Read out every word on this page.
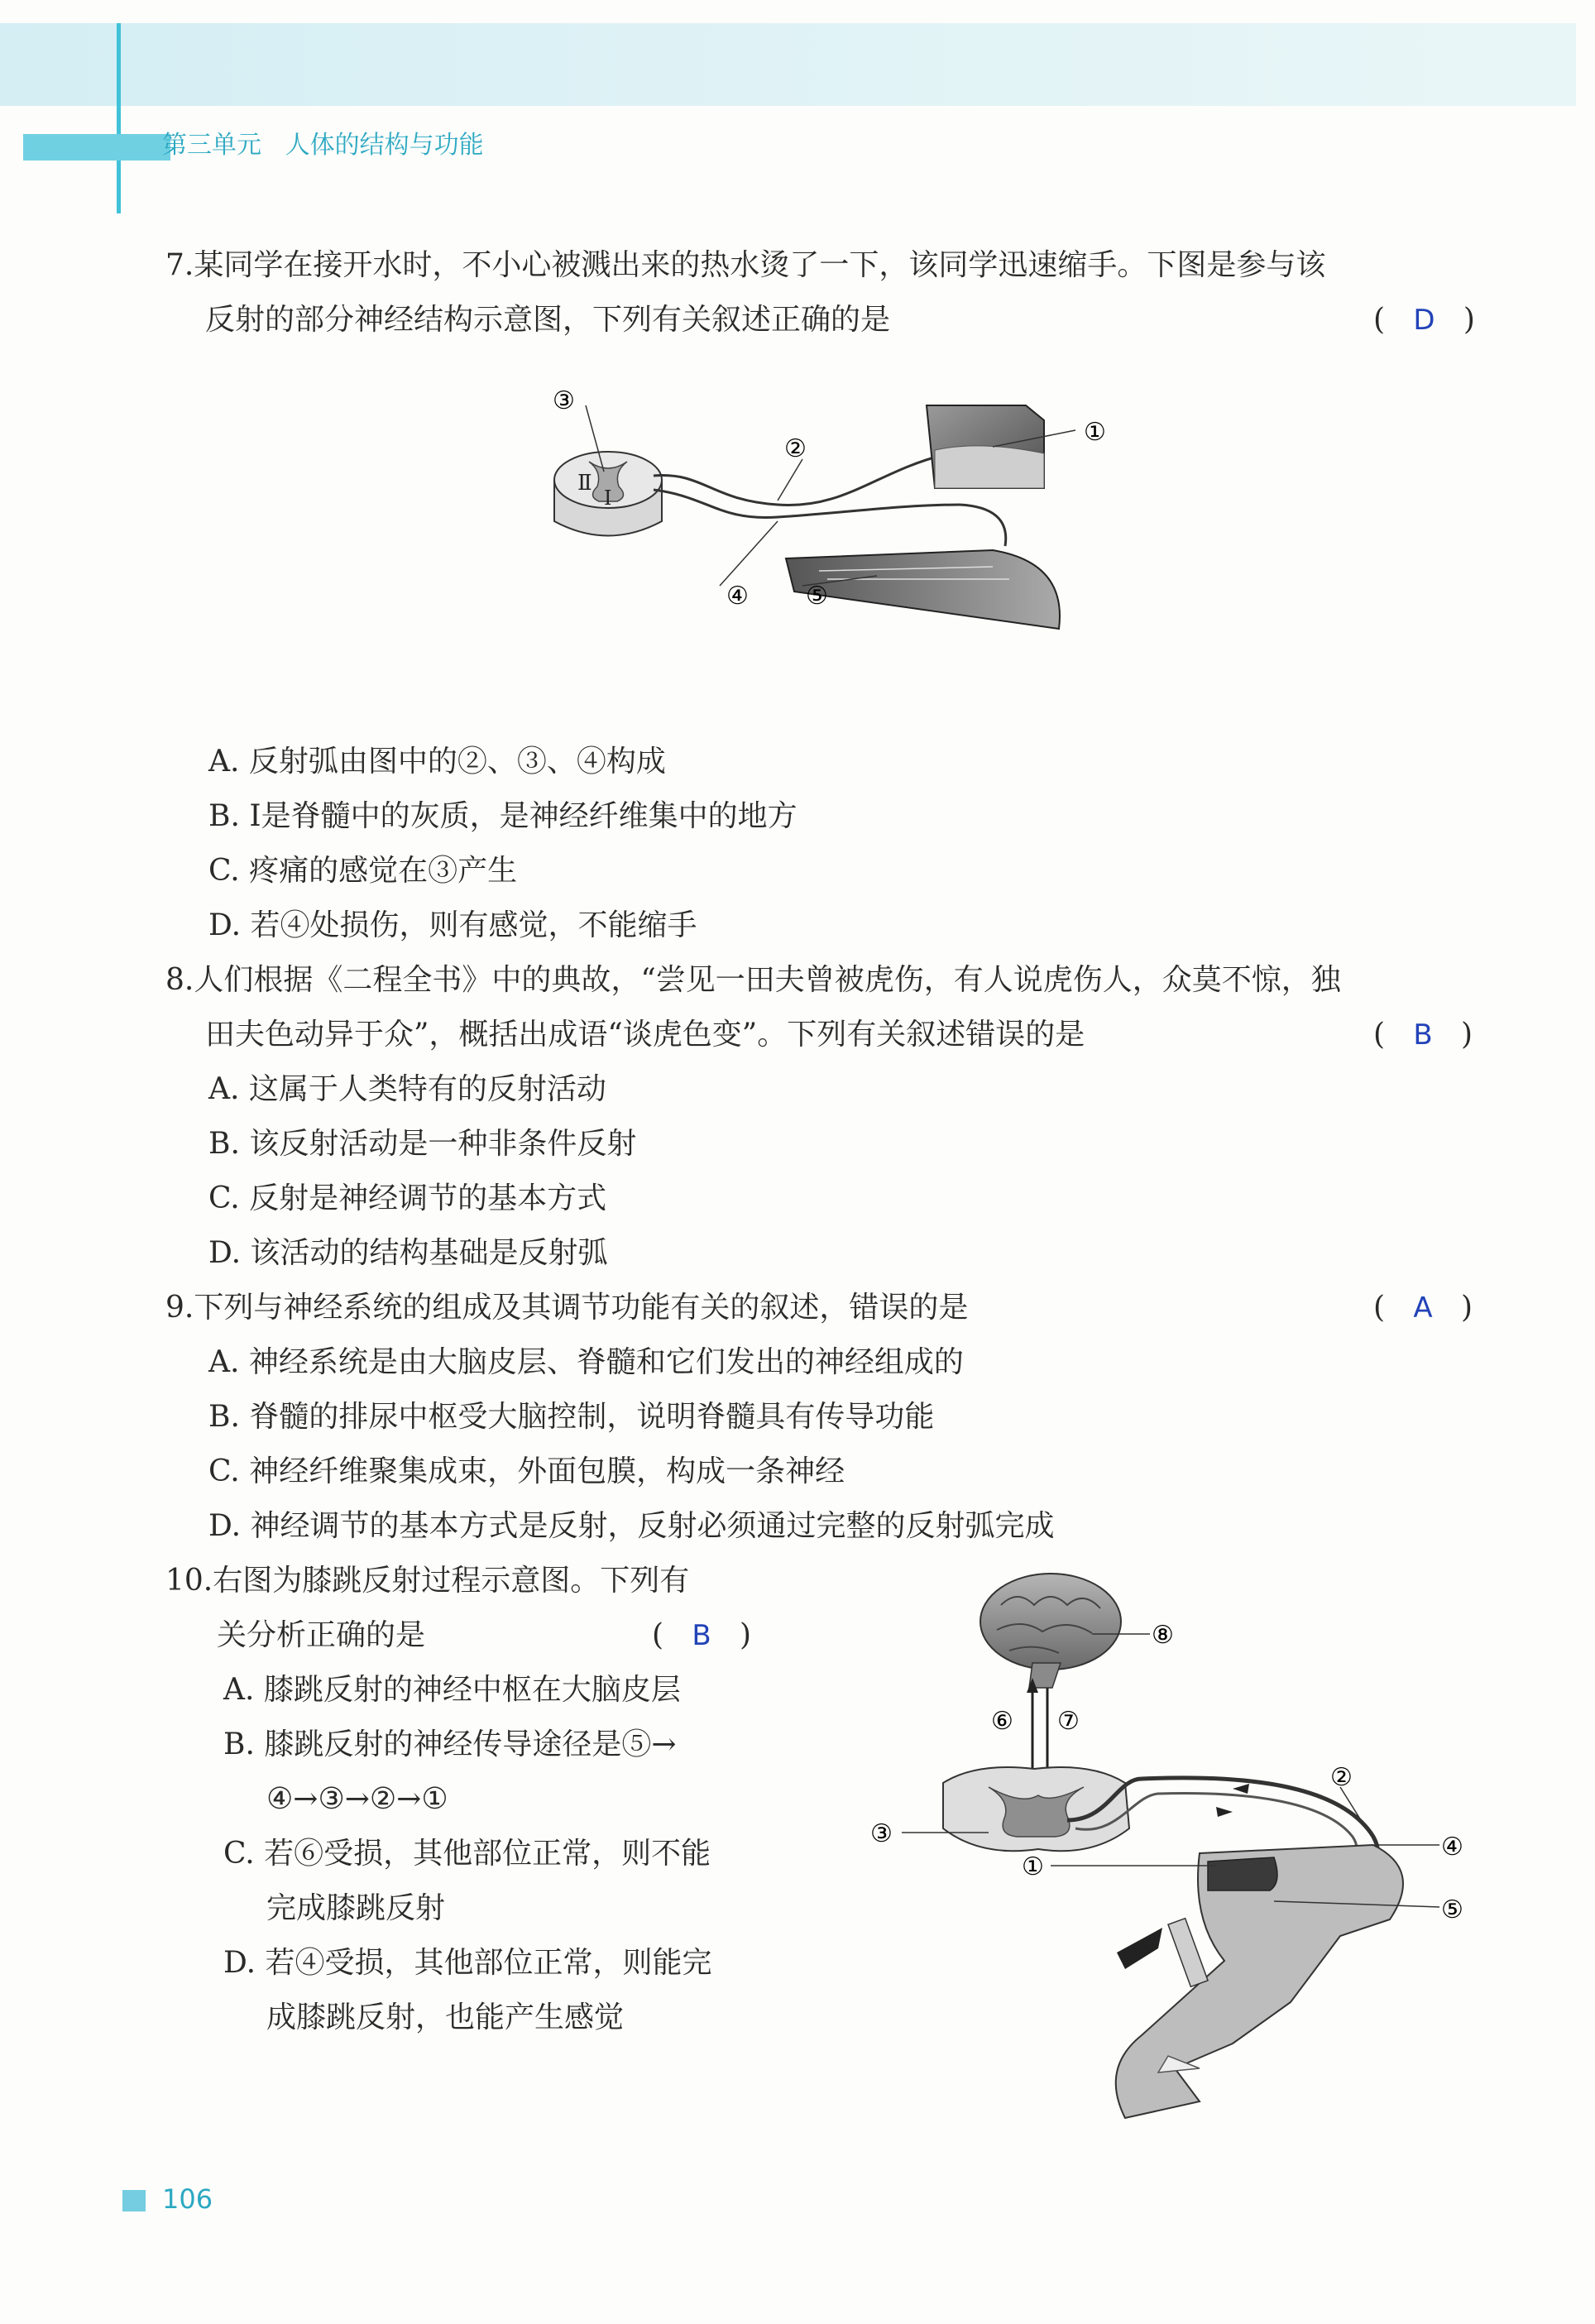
第三单元 人体的结构与功能
7.某同学在接开水时，不小心被溅出来的热水烫了一下，该同学迅速缩手。下图是参与该
反射的部分神经结构示意图，下列有关叙述正确的是	(   D   )
Ⅱ
Ⅰ
①
②
③
④ ⑤
A. 反射弧由图中的②、③、④构成
B. Ⅰ是脊髓中的灰质，是神经纤维集中的地方
C. 疼痛的感觉在③产生
D. 若④处损伤，则有感觉，不能缩手
8.人们根据《二程全书》中的典故，“尝见一田夫曾被虎伤，有人说虎伤人，众莫不惊，独
田夫色动异于众”，概括出成语“谈虎色变”。下列有关叙述错误的是	(   B   )
A. 这属于人类特有的反射活动
B. 该反射活动是一种非条件反射
C. 反射是神经调节的基本方式
D. 该活动的结构基础是反射弧
9.下列与神经系统的组成及其调节功能有关的叙述，错误的是	(   A   )
A. 神经系统是由大脑皮层、脊髓和它们发出的神经组成的
B. 脊髓的排尿中枢受大脑控制，说明脊髓具有传导功能
C. 神经纤维聚集成束，外面包膜，构成一条神经
D. 神经调节的基本方式是反射，反射必须通过完整的反射弧完成
10.右图为膝跳反射过程示意图。下列有
关分析正确的是	(   B   )
A. 膝跳反射的神经中枢在大脑皮层
B. 膝跳反射的神经传导途径是⑤→
④→③→②→①
C. 若⑥受损，其他部位正常，则不能
完成膝跳反射
D. 若④受损，其他部位正常，则能完
成膝跳反射，也能产生感觉
⑥ ⑦
⑧
③
①
②
④
⑤
106
